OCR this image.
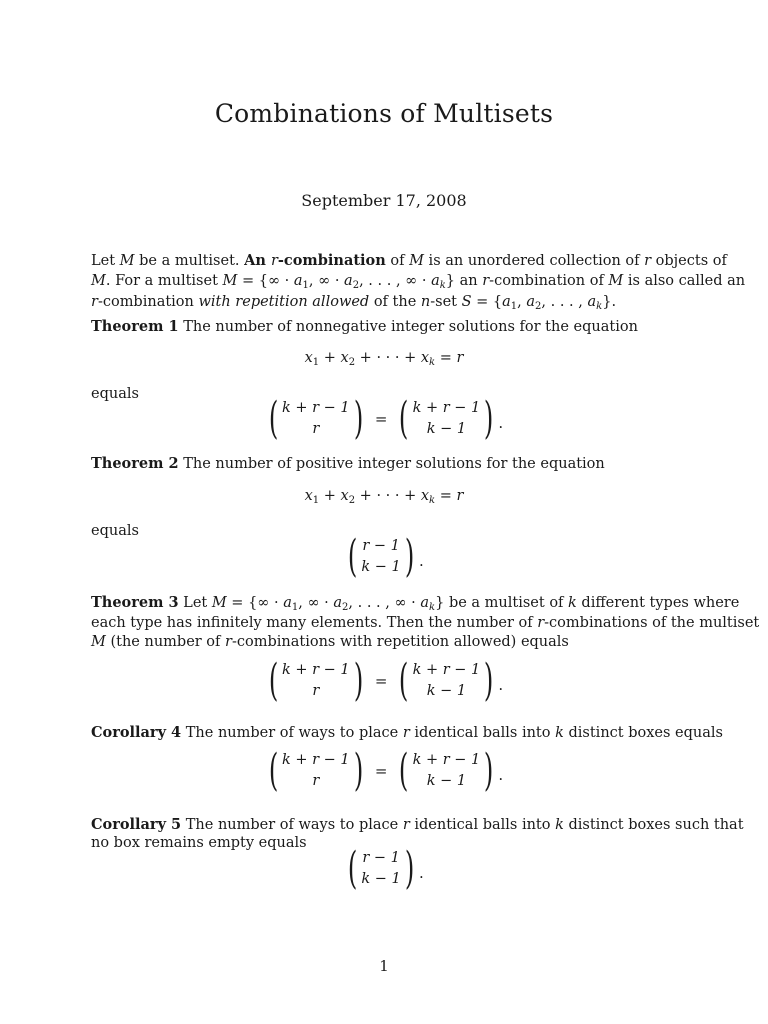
Combinations of Multisets
September 17, 2008
Let M be a multiset. An r-combination of M is an unordered collection of r objects of
M. For a multiset M = {∞ · $a_1$, ∞ · $a_2$, . . . , ∞ · $a_k$} an r-combination of M is also called an
r-combination with repetition allowed of the n-set $S = \{a_1$, $a_2$, . . . , $a_k$}.
Theorem 1 The number of nonnegative integer solutions for the equation
$x_1 + x_2$ + · · · + $x_k = r$
equals	( k + r − 1
r ) = ( k + r − 1
k − 1 ) .
Theorem 2 The number of positive integer solutions for the equation
$x_1 + x_2$ + · · · + $x_k = r$
equals	( r − 1
k − 1 ) .
Theorem 3 Let M = {∞ · $a_1$, ∞ · $a_2$, . . . , ∞ · $a_k$} be a multiset of k different types where
each type has infinitely many elements. Then the number of r-combinations of the multiset
M (the number of r-combinations with repetition allowed) equals
( k + r − 1
r ) = ( k + r − 1
k − 1 ) .
Corollary 4 The number of ways to place r identical balls into k distinct boxes equals
( k + r − 1
r ) = ( k + r − 1
k − 1 ) .
Corollary 5 The number of ways to place r identical balls into k distinct boxes such that
no box remains empty equals ( r − 1
k − 1 ) .
1
